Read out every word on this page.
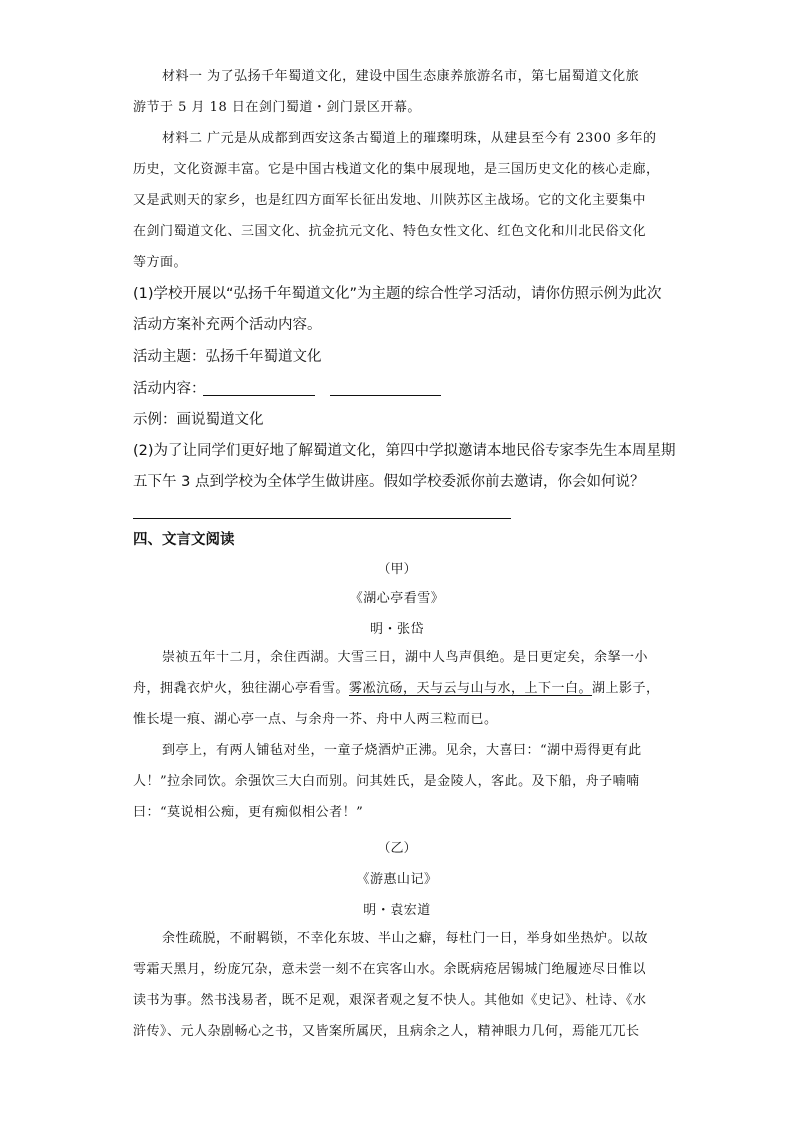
材料一 为了弘扬千年蜀道文化，建设中国生态康养旅游名市，第七届蜀道文化旅
游节于 5 月 18 日在剑门蜀道・剑门景区开幕。
材料二 广元是从成都到西安这条古蜀道上的璀璨明珠，从建县至今有 2300 多年的
历史，文化资源丰富。它是中国古栈道文化的集中展现地，是三国历史文化的核心走廊，
又是武则天的家乡，也是红四方面军长征出发地、川陕苏区主战场。它的文化主要集中
在剑门蜀道文化、三国文化、抗金抗元文化、特色女性文化、红色文化和川北民俗文化
等方面。
(1)学校开展以“弘扬千年蜀道文化”为主题的综合性学习活动，请你仿照示例为此次
活动方案补充两个活动内容。
活动主题：弘扬千年蜀道文化
活动内容：
示例：画说蜀道文化
(2)为了让同学们更好地了解蜀道文化，第四中学拟邀请本地民俗专家李先生本周星期
五下午 3 点到学校为全体学生做讲座。假如学校委派你前去邀请，你会如何说？
四、文言文阅读
（甲）
《湖心亭看雪》
明・张岱
崇祯五年十二月，余住西湖。大雪三日，湖中人鸟声俱绝。是日更定矣，余拏一小
舟，拥毳衣炉火，独往湖心亭看雪。雾凇沆砀，天与云与山与水，上下一白。湖上影子，
惟长堤一痕、湖心亭一点、与余舟一芥、舟中人两三粒而已。
到亭上，有两人铺毡对坐，一童子烧酒炉正沸。见余，大喜曰：“湖中焉得更有此
人！”拉余同饮。余强饮三大白而别。问其姓氏，是金陵人，客此。及下船，舟子喃喃
曰：“莫说相公痴，更有痴似相公者！”
（乙）
《游惠山记》
明・袁宏道
余性疏脱，不耐羁锁，不幸化东坡、半山之癖，每杜门一日，举身如坐热炉。以故
雩霜天黑月，纷庞冗杂，意未尝一刻不在宾客山水。余既病疮居锡城门绝履迹尽日惟以
读书为事。然书浅易者，既不足观，艰深者观之复不快人。其他如《史记》、杜诗、《水
浒传》、元人杂剧畅心之书，又皆案所属厌，且病余之人，精神眼力几何，焉能兀兀长
